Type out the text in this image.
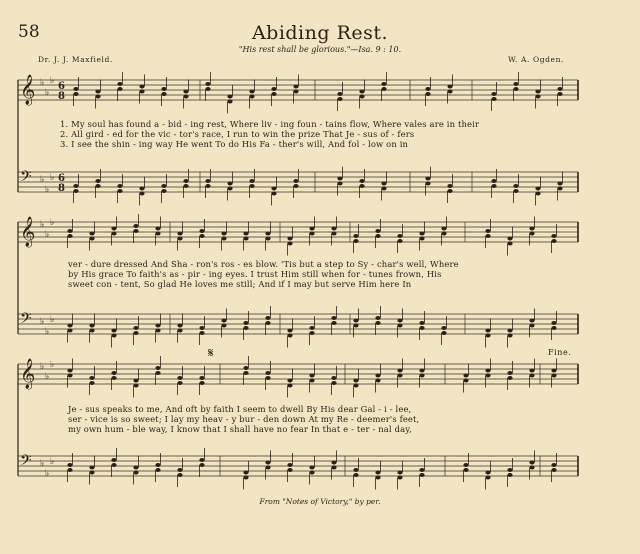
58	Abiding Rest.
"His rest shall be glorious."—Isa. 9 : 10.
Dr. J. J. Maxfield.	W. A. Ogden.
𝄞 ♭
♭
♭ 6
8
𝄢 ♭
♭
♭ 6
8
1. My soul has found a - bid - ing rest, Where liv - ing foun - tains flow, Where vales are in their
2. All gird - ed for the vic - tor's race, I run to win the prize That Je - sus of - fers
3. I see the shin - ing way He went To do His Fa - ther's will, And fol - low on in
𝄞 ♭
♭
♭
𝄢 ♭
♭
♭
ver - dure dressed And Sha - ron's ros - es blow. 'Tis but a step to Sy - char's well, Where
by His grace To faith's as - pir - ing eyes. I trust Him still when for - tunes frown, His
sweet con - tent, So glad He loves me still; And if I may but serve Him here In
𝄞 ♭
♭
♭
𝄢 ♭
♭
♭
Je - sus speaks to me, And oft by faith I seem to dwell By His dear Gal - i - lee,
ser - vice is so sweet; I lay my heav - y bur - den down At my Re - deemer's feet,
my own hum - ble way, I know that I shall have no fear In that e - ter - nal day,
𝄋	Fine.
From "Notes of Victory," by per.
